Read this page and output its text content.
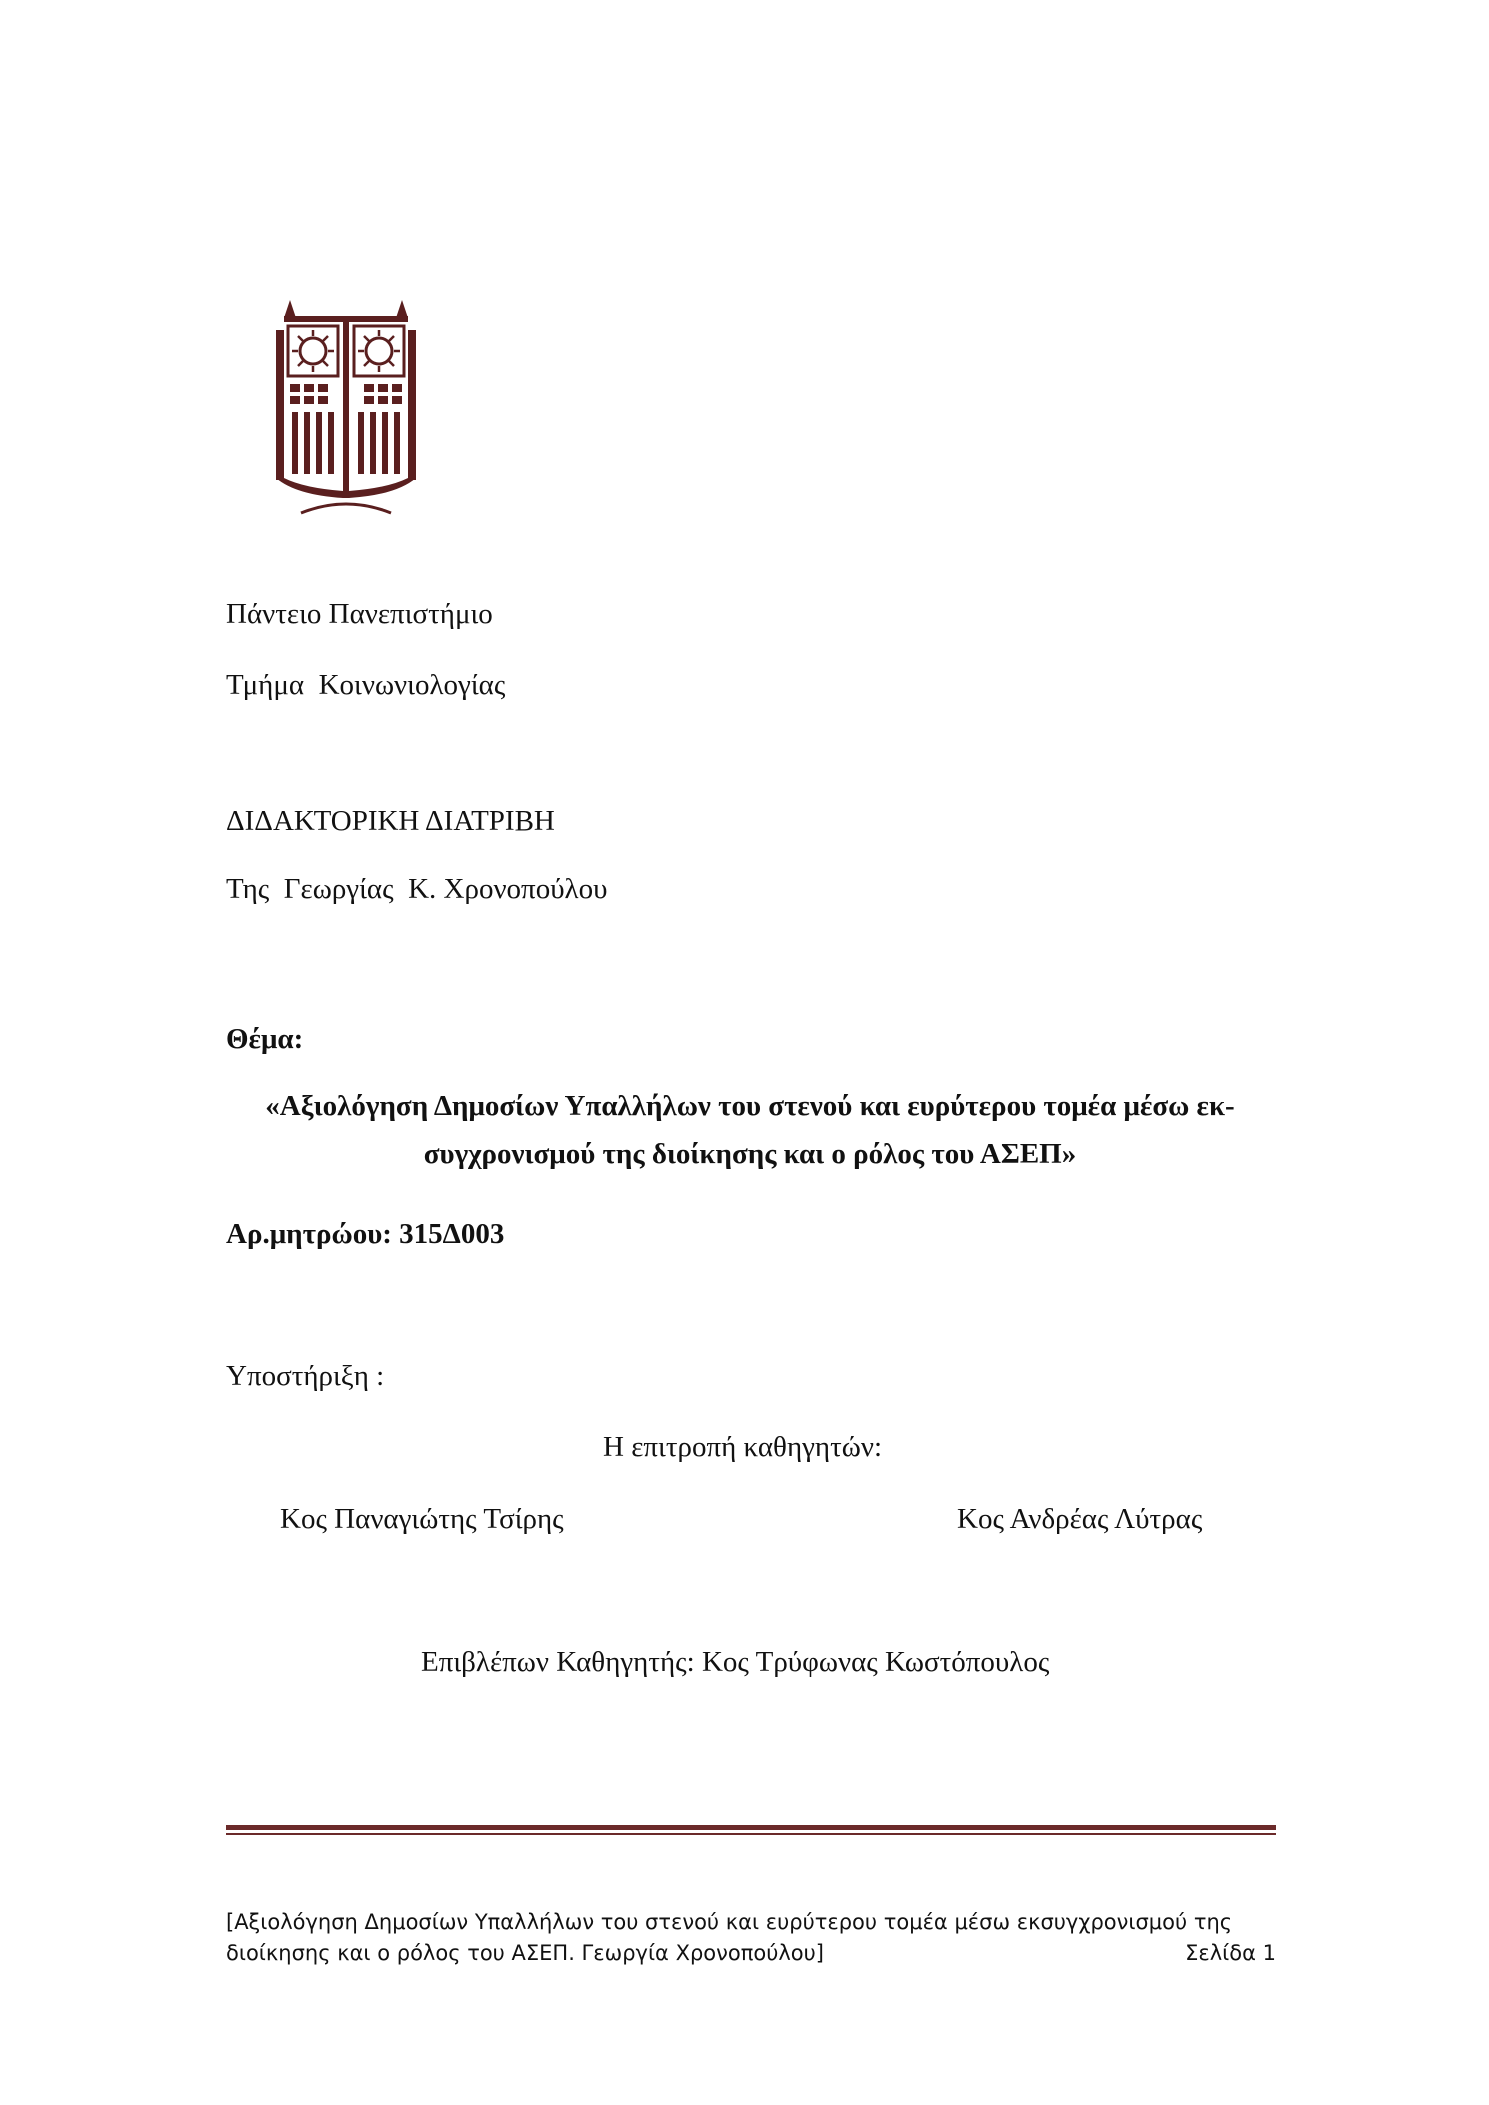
Πάντειο Πανεπιστήμιο
Τμήμα  Κοινωνιολογίας
ΔΙΔΑΚΤΟΡΙΚΗ ΔΙΑΤΡΙΒΗ
Της  Γεωργίας  Κ. Χρονοπούλου
Θέμα:
«Αξιολόγηση Δημοσίων Υπαλλήλων του στενού και ευρύτερου τομέα μέσω εκ-
συγχρονισμού της διοίκησης και ο ρόλος του ΑΣΕΠ»
Αρ.μητρώου: 315Δ003
Υποστήριξη :
Η επιτροπή καθηγητών:
Κος Παναγιώτης Τσίρης	Κος Ανδρέας Λύτρας
Επιβλέπων Καθηγητής: Κος Τρύφωνας Κωστόπουλος
[Αξιολόγηση Δημοσίων Υπαλλήλων του στενού και ευρύτερου τομέα μέσω εκσυγχρονισμού της
διοίκησης και ο ρόλος του ΑΣΕΠ. Γεωργία Χρονοπούλου]	Σελίδα 1
